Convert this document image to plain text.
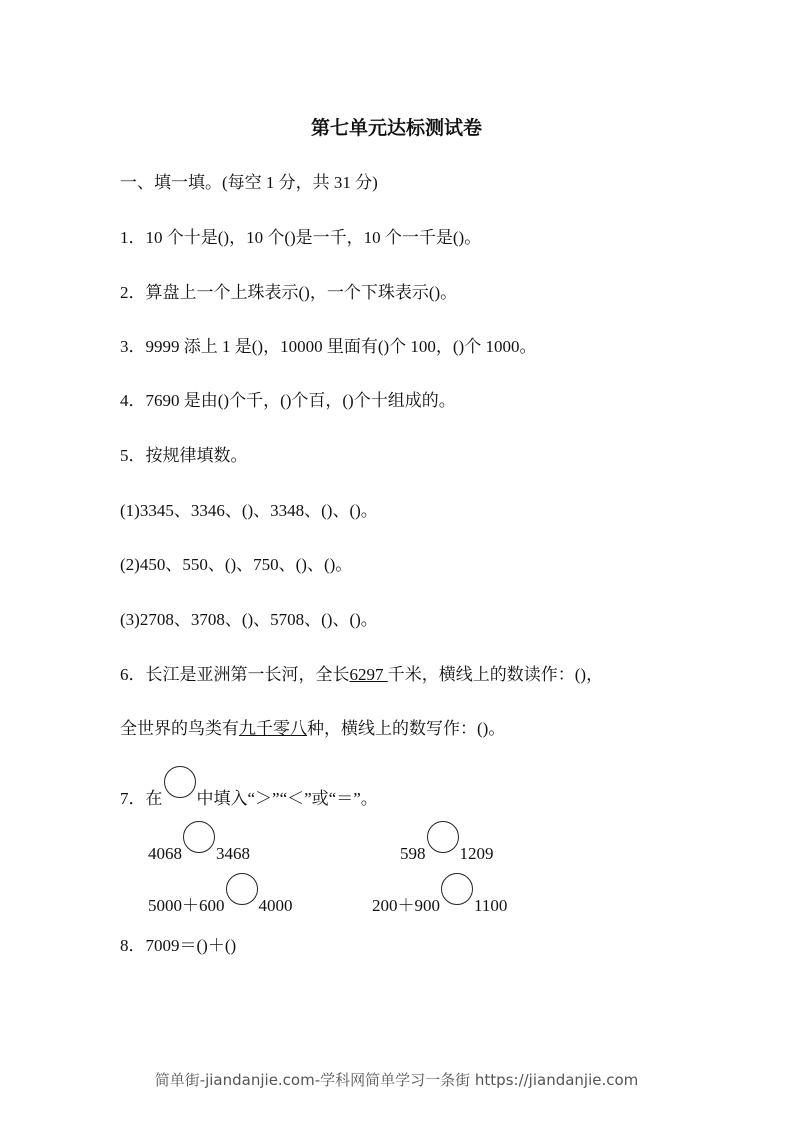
第七单元达标测试卷
一、填一填。(每空 1 分，共 31 分)
1．10 个十是()，10 个()是一千，10 个一千是()。
2．算盘上一个上珠表示()，一个下珠表示()。
3．9999 添上 1 是()，10000 里面有()个 100，()个 1000。
4．7690 是由()个千，()个百，()个十组成的。
5．按规律填数。
(1)3345、3346、()、3348、()、()。
(2)450、550、()、750、()、()。
(3)2708、3708、()、5708、()、()。
6．长江是亚洲第一长河，全长6297 千米，横线上的数读作：()，
全世界的鸟类有九千零八种，横线上的数写作：()。
7．在 中填入“＞”“＜”或“＝”。
4068 3468	598 1209
5000＋600 4000	200＋900 1100
8．7009＝()＋()
简单街-jiandanjie.com-学科网简单学习一条街 https://jiandanjie.com
